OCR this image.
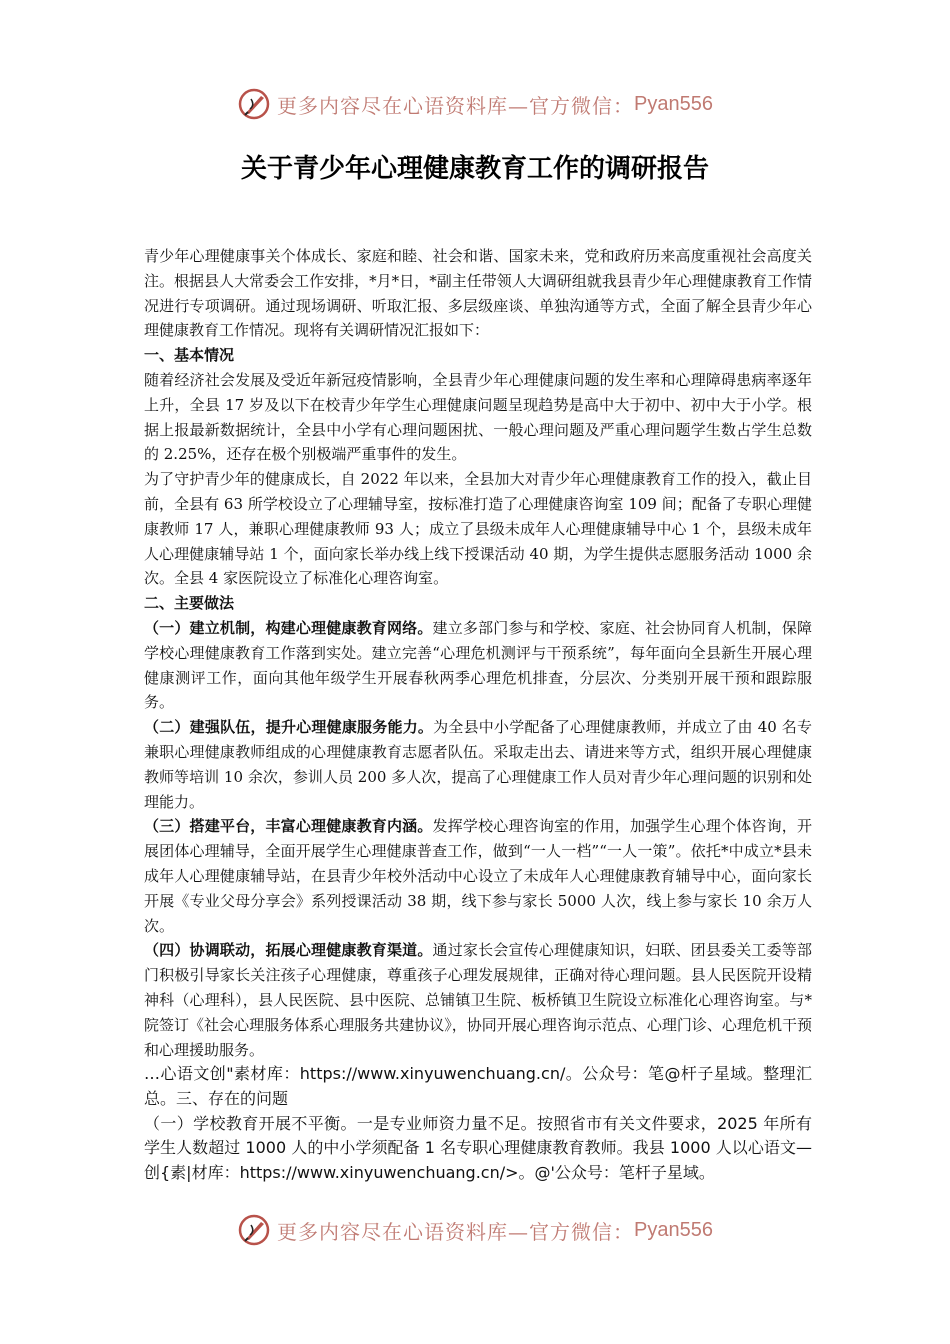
更多内容尽在心语资料库—官方微信： Pyan556
关于青少年心理健康教育工作的调研报告

青少年心理健康事关个体成长、家庭和睦、社会和谐、国家未来，党和政府历来高度重视社会高度关注。根据县人大常委会工作安排，*月*日，*副主任带领人大调研组就我县青少年心理健康教育工作情况进行专项调研。通过现场调研、听取汇报、多层级座谈、单独沟通等方式，全面了解全县青少年心理健康教育工作情况。现将有关调研情况汇报如下：

一、基本情况

随着经济社会发展及受近年新冠疫情影响，全县青少年心理健康问题的发生率和心理障碍患病率逐年上升，全县 17 岁及以下在校青少年学生心理健康问题呈现趋势是高中大于初中、初中大于小学。根据上报最新数据统计，全县中小学有心理问题困扰、一般心理问题及严重心理问题学生数占学生总数的 2.25%，还存在极个别极端严重事件的发生。

为了守护青少年的健康成长，自 2022 年以来，全县加大对青少年心理健康教育工作的投入，截止目前，全县有 63 所学校设立了心理辅导室，按标准打造了心理健康咨询室 109 间；配备了专职心理健康教师 17 人，兼职心理健康教师 93 人；成立了县级未成年人心理健康辅导中心 1 个，县级未成年人心理健康辅导站 1 个，面向家长举办线上线下授课活动 40 期，为学生提供志愿服务活动 1000 余次。全县 4 家医院设立了标准化心理咨询室。

二、主要做法

（一）建立机制，构建心理健康教育网络。建立多部门参与和学校、家庭、社会协同育人机制，保障学校心理健康教育工作落到实处。建立完善“心理危机测评与干预系统”，每年面向全县新生开展心理健康测评工作，面向其他年级学生开展春秋两季心理危机排查，分层次、分类别开展干预和跟踪服务。

（二）建强队伍，提升心理健康服务能力。为全县中小学配备了心理健康教师，并成立了由 40 名专兼职心理健康教师组成的心理健康教育志愿者队伍。采取走出去、请进来等方式，组织开展心理健康教师等培训 10 余次，参训人员 200 多人次，提高了心理健康工作人员对青少年心理问题的识别和处理能力。

（三）搭建平台，丰富心理健康教育内涵。发挥学校心理咨询室的作用，加强学生心理个体咨询，开展团体心理辅导，全面开展学生心理健康普查工作，做到“一人一档”“一人一策”。依托*中成立*县未成年人心理健康辅导站，在县青少年校外活动中心设立了未成年人心理健康教育辅导中心，面向家长开展《专业父母分享会》系列授课活动 38 期，线下参与家长 5000 人次，线上参与家长 10 余万人次。

（四）协调联动，拓展心理健康教育渠道。通过家长会宣传心理健康知识，妇联、团县委关工委等部门积极引导家长关注孩子心理健康，尊重孩子心理发展规律，正确对待心理问题。县人民医院开设精神科（心理科），县人民医院、县中医院、总铺镇卫生院、板桥镇卫生院设立标准化心理咨询室。与*院签订《社会心理服务体系心理服务共建协议》，协同开展心理咨询示范点、心理门诊、心理危机干预和心理援助服务。

…心语文创"素材库：https://www.xinyuwenchuang.cn/。公众号：笔@杆子星域。整理汇总。三、存在的问题

（一）学校教育开展不平衡。一是专业师资力量不足。按照省市有关文件要求，2025 年所有学生人数超过 1000 人的中小学须配备 1 名专职心理健康教育教师。我县 1000 人以心语文—创{素|材库：https://www.xinyuwenchuang.cn/>。@'公众号：笔杆子星域。

更多内容尽在心语资料库—官方微信： Pyan556
